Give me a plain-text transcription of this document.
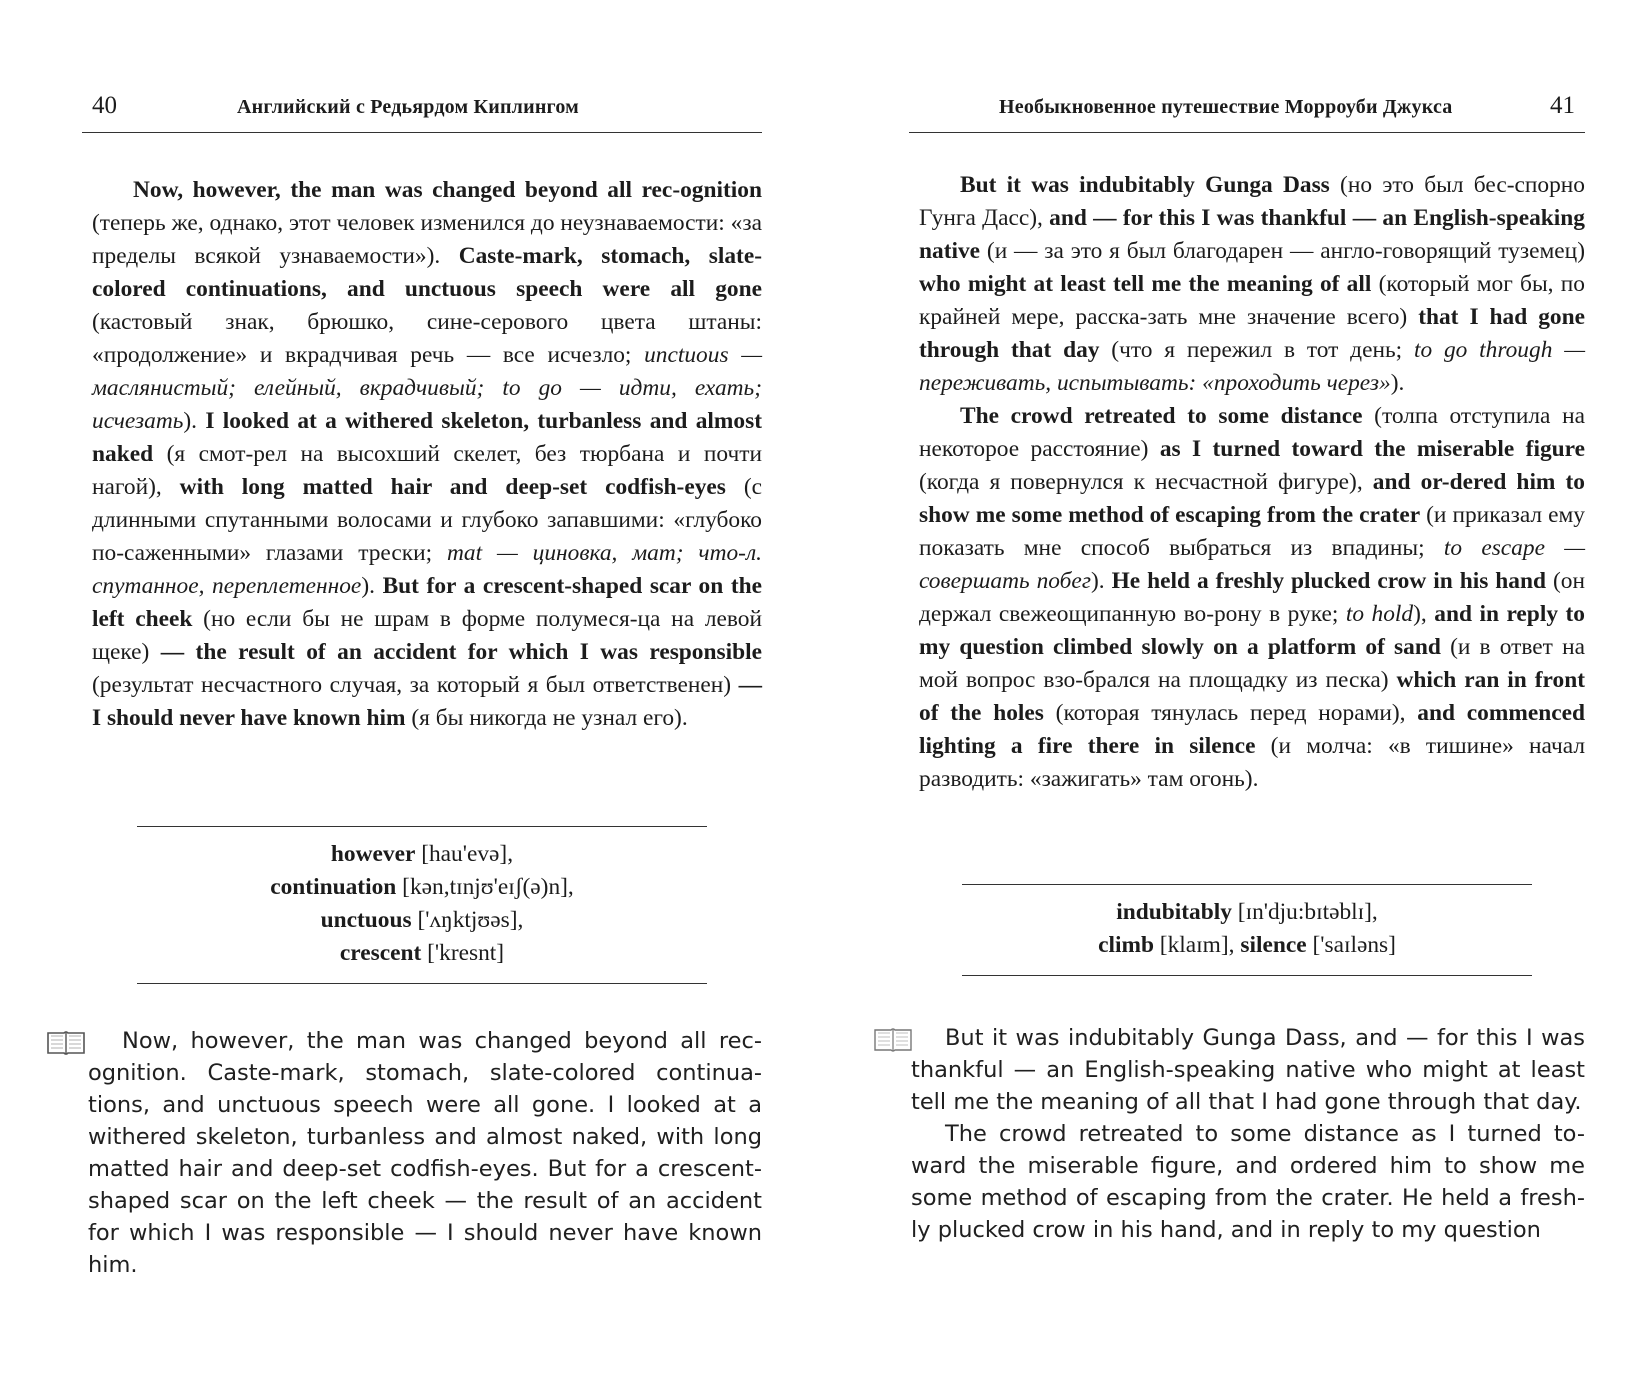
40	Английский с Редьярдом Киплингом

Now, however, the man was changed beyond all rec-ognition (теперь же, однако, этот человек изменился до неузнаваемости: «за пределы всякой узнаваемости»). Caste-mark, stomach, slate-colored continuations, and unctuous speech were all gone (кастовый знак, брюшко, сине-серового цвета штаны: «продолжение» и вкрадчивая речь — все исчезло; unctuous — маслянистый; елейный, вкрадчивый; to go — идти, ехать; исчезать). I looked at a withered skeleton, turbanless and almost naked (я смот-рел на высохший скелет, без тюрбана и почти нагой), with long matted hair and deep-set codfish-eyes (с длинными спутанными волосами и глубоко запавшими: «глубоко по-саженными» глазами трески; mat — циновка, мат; что-л. спутанное, переплетенное). But for a crescent-shaped scar on the left cheek (но если бы не шрам в форме полумеся-ца на левой щеке) — the result of an accident for which I was responsible (результат несчастного случая, за который я был ответственен) — I should never have known him (я бы никогда не узнал его).

however [hau'evə],
continuation [kən,tɪnjʊ'eɪʃ(ə)n],
unctuous ['ʌŋktjʊəs],
crescent ['kresnt]

Now, however, the man was changed beyond all rec-ognition. Caste-mark, stomach, slate-colored continua-tions, and unctuous speech were all gone. I looked at a withered skeleton, turbanless and almost naked, with long matted hair and deep-set codfish-eyes. But for a crescent-shaped scar on the left cheek — the result of an accident for which I was responsible — I should never have known him.

Необыкновенное путешествие Морроуби Джукса	41

But it was indubitably Gunga Dass (но это был бес-спорно Гунга Дасс), and — for this I was thankful — an English-speaking native (и — за это я был благодарен — англо-говорящий туземец) who might at least tell me the meaning of all (который мог бы, по крайней мере, расска-зать мне значение всего) that I had gone through that day (что я пережил в тот день; to go through — переживать, испытывать: «проходить через»).

The crowd retreated to some distance (толпа отступила на некоторое расстояние) as I turned toward the miserable figure (когда я повернулся к несчастной фигуре), and or-dered him to show me some method of escaping from the crater (и приказал ему показать мне способ выбраться из впадины; to escape — совершать побег). He held a freshly plucked crow in his hand (он держал свежеощипанную во-рону в руке; to hold), and in reply to my question climbed slowly on a platform of sand (и в ответ на мой вопрос взо-брался на площадку из песка) which ran in front of the holes (которая тянулась перед норами), and commenced lighting a fire there in silence (и молча: «в тишине» начал разводить: «зажигать» там огонь).

indubitably [ɪn'dju:bɪtəblɪ],
climb [klaɪm], silence ['saɪləns]

But it was indubitably Gunga Dass, and — for this I was thankful — an English-speaking native who might at least tell me the meaning of all that I had gone through that day.

The crowd retreated to some distance as I turned to-ward the miserable figure, and ordered him to show me some method of escaping from the crater. He held a fresh-ly plucked crow in his hand, and in reply to my question
